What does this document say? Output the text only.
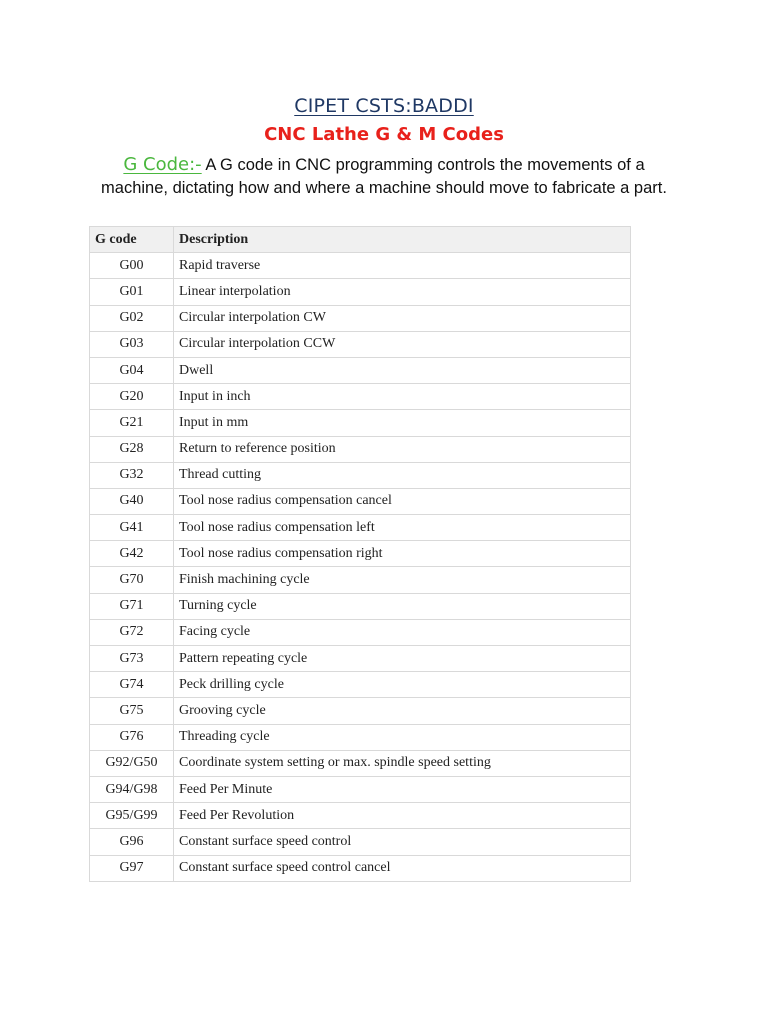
CIPET CSTS:BADDI
CNC Lathe G & M Codes
G Code:- A G code in CNC programming controls the movements of a machine, dictating how and where a machine should move to fabricate a part.
G code	Description
G00	Rapid traverse
G01	Linear interpolation
G02	Circular interpolation CW
G03	Circular interpolation CCW
G04	Dwell
G20	Input in inch
G21	Input in mm
G28	Return to reference position
G32	Thread cutting
G40	Tool nose radius compensation cancel
G41	Tool nose radius compensation left
G42	Tool nose radius compensation right
G70	Finish machining cycle
G71	Turning cycle
G72	Facing cycle
G73	Pattern repeating cycle
G74	Peck drilling cycle
G75	Grooving cycle
G76	Threading cycle
G92/G50	Coordinate system setting or max. spindle speed setting
G94/G98	Feed Per Minute
G95/G99	Feed Per Revolution
G96	Constant surface speed control
G97	Constant surface speed control cancel
